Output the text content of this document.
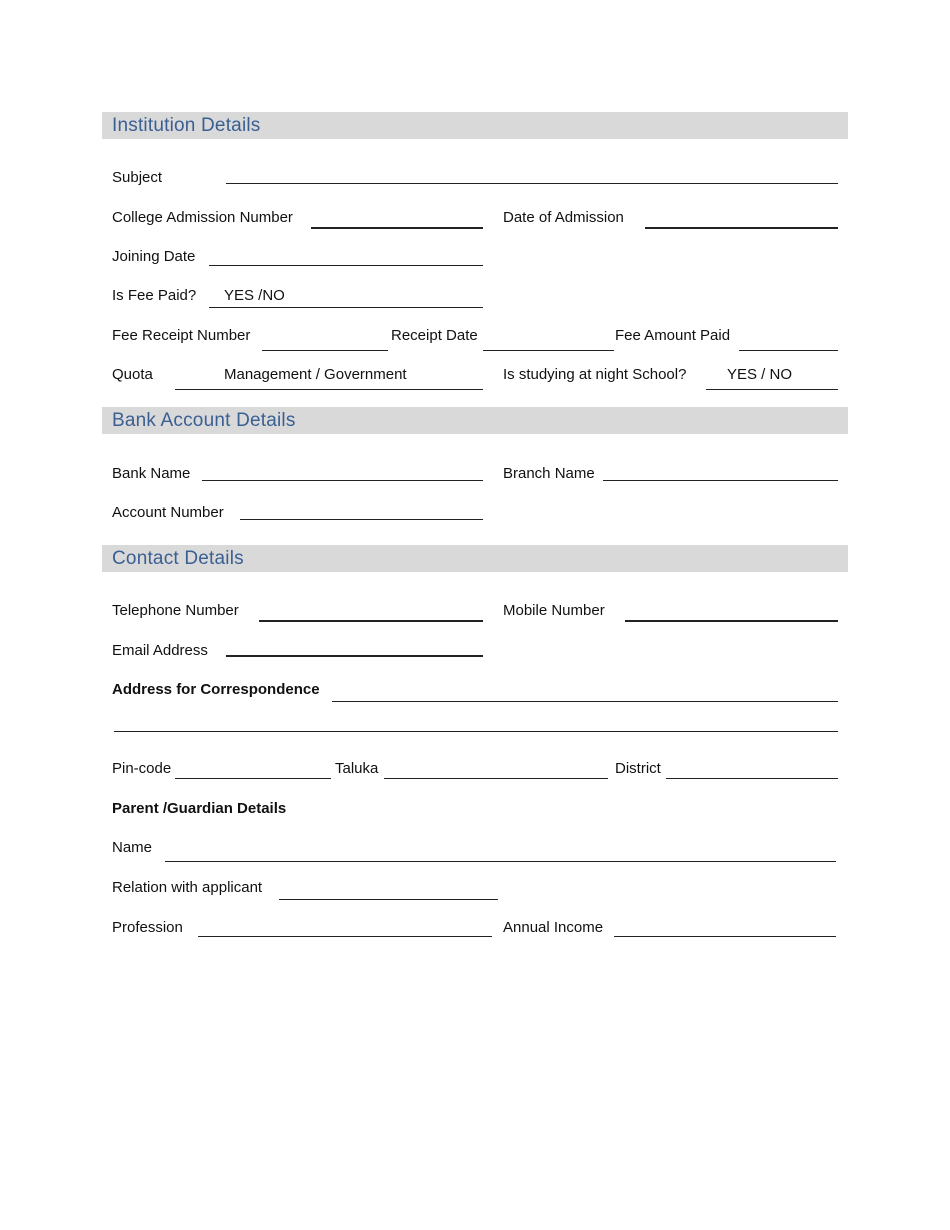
Institution Details
Subject
College Admission Number	Date of Admission
Joining Date
Is Fee Paid? YES /NO
Fee Receipt Number	Receipt Date	Fee Amount Paid
Quota	Management / Government	Is studying at night School?	YES / NO
Bank Account Details
Bank Name	Branch Name
Account Number
Contact Details
Telephone Number	Mobile Number
Email Address
Address for Correspondence
Pin-code	Taluka	District
Parent /Guardian Details
Name
Relation with applicant
Profession	Annual Income
